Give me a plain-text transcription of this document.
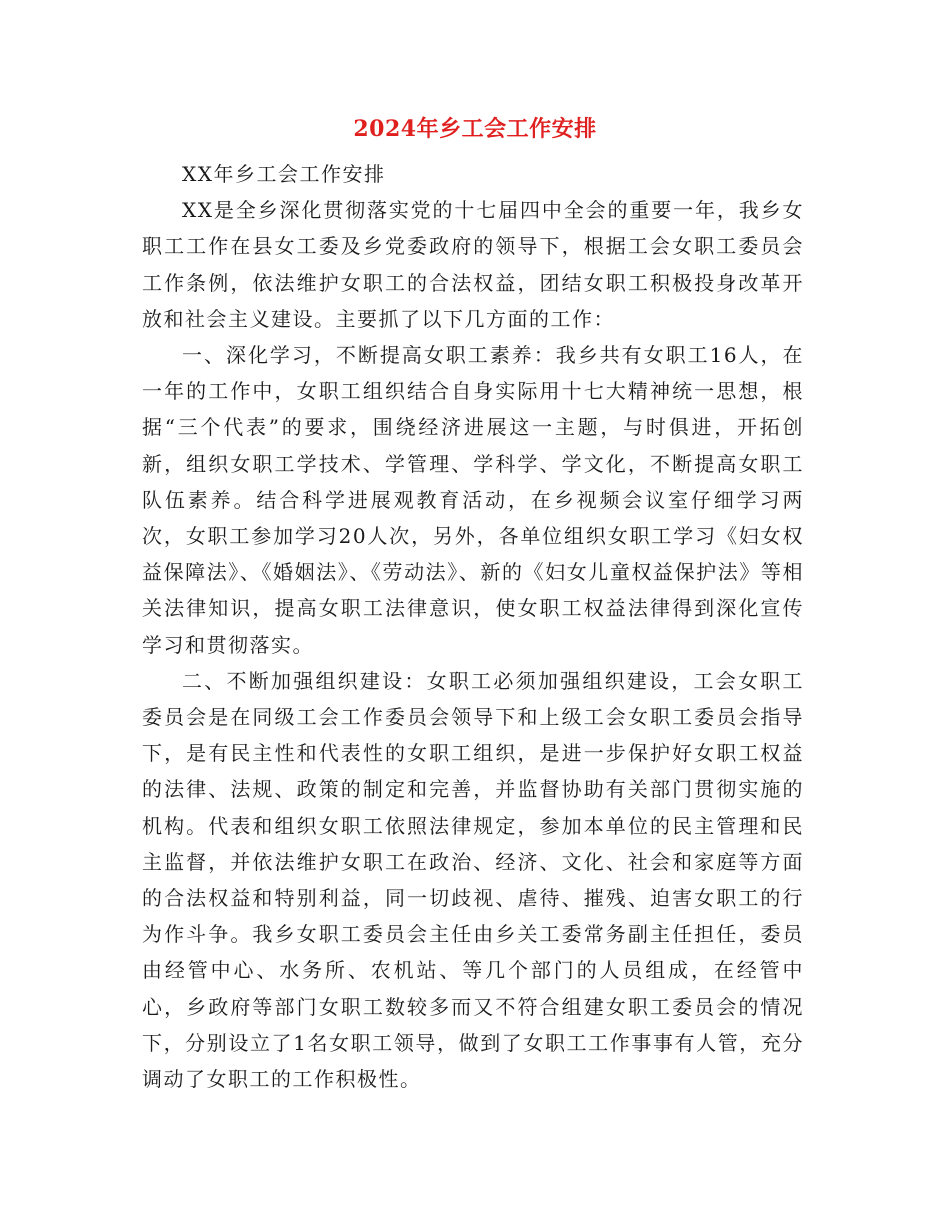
2024年乡工会工作安排

XX年乡工会工作安排

XX是全乡深化贯彻落实党的十七届四中全会的重要一年，我乡女职工工作在县女工委及乡党委政府的领导下，根据工会女职工委员会工作条例，依法维护女职工的合法权益，团结女职工积极投身改革开放和社会主义建设。主要抓了以下几方面的工作：

一、深化学习，不断提高女职工素养：我乡共有女职工16人，在一年的工作中，女职工组织结合自身实际用十七大精神统一思想，根据“三个代表”的要求，围绕经济进展这一主题，与时俱进，开拓创新，组织女职工学技术、学管理、学科学、学文化，不断提高女职工队伍素养。结合科学进展观教育活动，在乡视频会议室仔细学习两次，女职工参加学习20人次，另外，各单位组织女职工学习《妇女权益保障法》、《婚姻法》、《劳动法》、新的《妇女儿童权益保护法》等相关法律知识，提高女职工法律意识，使女职工权益法律得到深化宣传学习和贯彻落实。

二、不断加强组织建设：女职工必须加强组织建设，工会女职工委员会是在同级工会工作委员会领导下和上级工会女职工委员会指导下，是有民主性和代表性的女职工组织，是进一步保护好女职工权益的法律、法规、政策的制定和完善，并监督协助有关部门贯彻实施的机构。代表和组织女职工依照法律规定，参加本单位的民主管理和民主监督，并依法维护女职工在政治、经济、文化、社会和家庭等方面的合法权益和特别利益，同一切歧视、虐待、摧残、迫害女职工的行为作斗争。我乡女职工委员会主任由乡关工委常务副主任担任，委员由经管中心、水务所、农机站、等几个部门的人员组成，在经管中心，乡政府等部门女职工数较多而又不符合组建女职工委员会的情况下，分别设立了1名女职工领导，做到了女职工工作事事有人管，充分调动了女职工的工作积极性。
